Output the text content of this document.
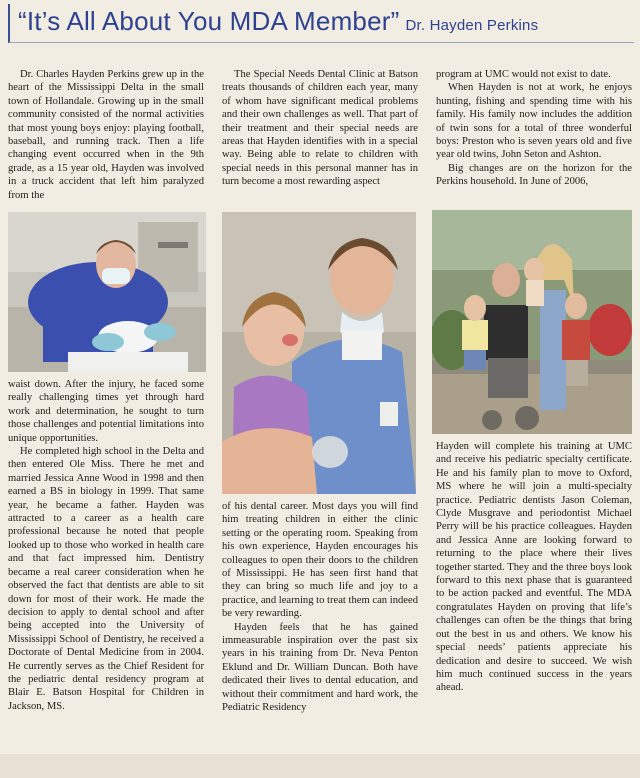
“It’s All About You MDA Member” Dr. Hayden Perkins

Dr. Charles Hayden Perkins grew up in the heart of the Mississippi Delta in the small town of Hollandale. Growing up in the small community consisted of the normal activities that most young boys enjoy: playing football, baseball, and running track. Then a life changing event occurred when in the 9th grade, as a 15 year old, Hayden was involved in a truck accident that left him paralyzed from the

waist down. After the injury, he faced some really challenging times yet through hard work and determination, he sought to turn those challenges and potential limitations into unique opportunities.

He completed high school in the Delta and then entered Ole Miss. There he met and married Jessica Anne Wood in 1998 and then earned a BS in biology in 1999. That same year, he became a father. Hayden was attracted to a career as a health care professional because he noted that people looked up to those who worked in health care and that fact impressed him. Dentistry became a real career consideration when he observed the fact that dentists are able to sit down for most of their work. He made the decision to apply to dental school and after being accepted into the University of Mississippi School of Dentistry, he received a Doctorate of Dental Medicine from in 2004. He currently serves as the Chief Resident for the pediatric dental residency program at Blair E. Batson Hospital for Children in Jackson, MS.

The Special Needs Dental Clinic at Batson treats thousands of children each year, many of whom have significant medical problems and their own challenges as well. That part of their treatment and their special needs are areas that Hayden identifies with in a special way. Being able to relate to children with special needs in this personal manner has in turn become a most rewarding aspect

of his dental career. Most days you will find him treating children in either the clinic setting or the operating room. Speaking from his own experience, Hayden encourages his colleagues to open their doors to the children of Mississippi. He has seen first hand that they can bring so much life and joy to a practice, and learning to treat them can indeed be very rewarding.

Hayden feels that he has gained immeasurable inspiration over the past six years in his training from Dr. Neva Penton Eklund and Dr. William Duncan. Both have dedicated their lives to dental education, and without their commitment and hard work, the Pediatric Residency

program at UMC would not exist to date.

When Hayden is not at work, he enjoys hunting, fishing and spending time with his family. His family now includes the addition of twin sons for a total of three wonderful boys: Preston who is seven years old and five year old twins, John Seton and Ashton.

Big changes are on the horizon for the Perkins household. In June of 2006,

Hayden will complete his training at UMC and receive his pediatric specialty certificate. He and his family plan to move to Oxford, MS where he will join a multi-specialty practice. Pediatric dentists Jason Coleman, Clyde Musgrave and periodontist Michael Perry will be his practice colleagues. Hayden and Jessica Anne are looking forward to returning to the place where their lives together started. They and the three boys look forward to this next phase that is guaranteed to be action packed and eventful. The MDA congratulates Hayden on proving that life’s challenges can often be the things that bring out the best in us and others. We know his special needs’ patients appreciate his dedication and desire to succeed. We wish him much continued success in the years ahead.
